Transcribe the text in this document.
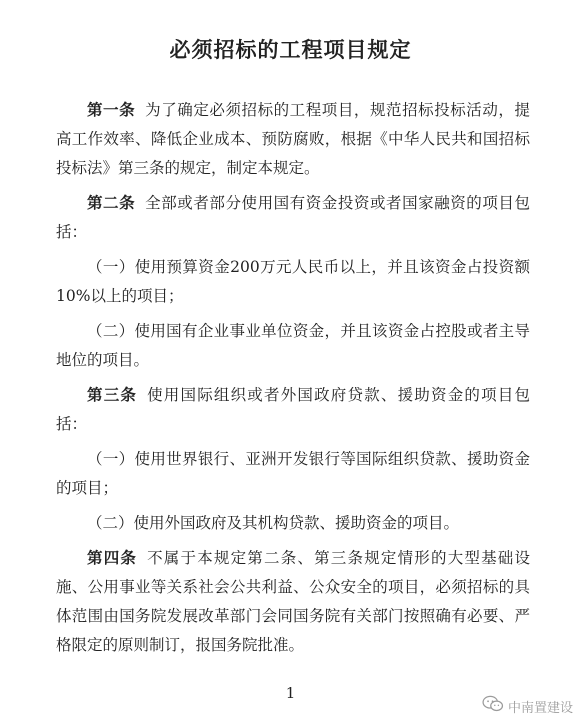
必须招标的工程项目规定

第一条 为了确定必须招标的工程项目，规范招标投标活动，提高工作效率、降低企业成本、预防腐败，根据《中华人民共和国招标投标法》第三条的规定，制定本规定。

第二条 全部或者部分使用国有资金投资或者国家融资的项目包括：

（一）使用预算资金200万元人民币以上，并且该资金占投资额10%以上的项目；

（二）使用国有企业事业单位资金，并且该资金占控股或者主导地位的项目。

第三条 使用国际组织或者外国政府贷款、援助资金的项目包括：

（一）使用世界银行、亚洲开发银行等国际组织贷款、援助资金的项目；

（二）使用外国政府及其机构贷款、援助资金的项目。

第四条 不属于本规定第二条、第三条规定情形的大型基础设施、公用事业等关系社会公共利益、公众安全的项目，必须招标的具体范围由国务院发展改革部门会同国务院有关部门按照确有必要、严格限定的原则制订，报国务院批准。

1
中南置建设
